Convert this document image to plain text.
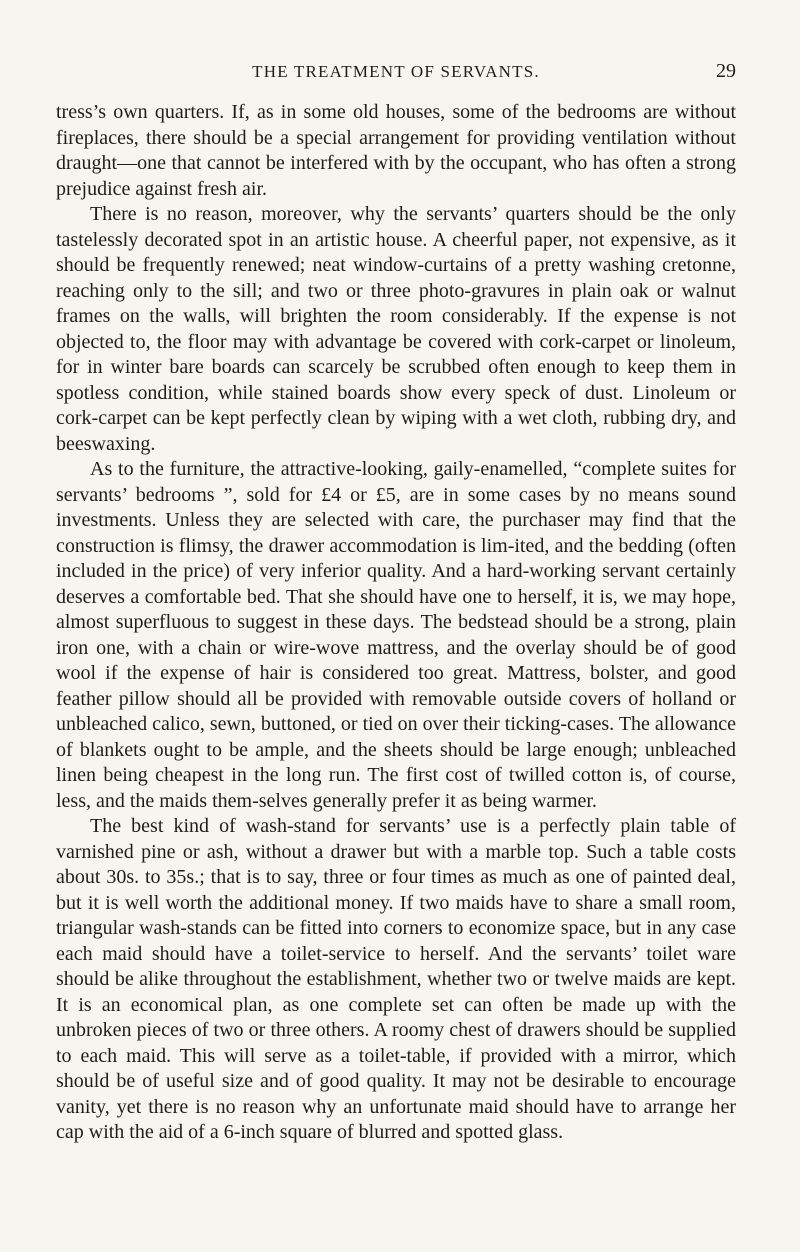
THE TREATMENT OF SERVANTS.	29

tress’s own quarters. If, as in some old houses, some of the bedrooms are without fireplaces, there should be a special arrangement for providing ventilation without draught—one that cannot be interfered with by the occupant, who has often a strong prejudice against fresh air.

There is no reason, moreover, why the servants’ quarters should be the only tastelessly decorated spot in an artistic house. A cheerful paper, not expensive, as it should be frequently renewed; neat window-curtains of a pretty washing cretonne, reaching only to the sill; and two or three photo-gravures in plain oak or walnut frames on the walls, will brighten the room considerably. If the expense is not objected to, the floor may with advantage be covered with cork-carpet or linoleum, for in winter bare boards can scarcely be scrubbed often enough to keep them in spotless condition, while stained boards show every speck of dust. Linoleum or cork-carpet can be kept perfectly clean by wiping with a wet cloth, rubbing dry, and beeswaxing.

As to the furniture, the attractive-looking, gaily-enamelled, “complete suites for servants’ bedrooms ”, sold for £4 or £5, are in some cases by no means sound investments. Unless they are selected with care, the purchaser may find that the construction is flimsy, the drawer accommodation is lim-ited, and the bedding (often included in the price) of very inferior quality. And a hard-working servant certainly deserves a comfortable bed. That she should have one to herself, it is, we may hope, almost superfluous to suggest in these days. The bedstead should be a strong, plain iron one, with a chain or wire-wove mattress, and the overlay should be of good wool if the expense of hair is considered too great. Mattress, bolster, and good feather pillow should all be provided with removable outside covers of holland or unbleached calico, sewn, buttoned, or tied on over their ticking-cases. The allowance of blankets ought to be ample, and the sheets should be large enough; unbleached linen being cheapest in the long run. The first cost of twilled cotton is, of course, less, and the maids them-selves generally prefer it as being warmer.

The best kind of wash-stand for servants’ use is a perfectly plain table of varnished pine or ash, without a drawer but with a marble top. Such a table costs about 30s. to 35s.; that is to say, three or four times as much as one of painted deal, but it is well worth the additional money. If two maids have to share a small room, triangular wash-stands can be fitted into corners to economize space, but in any case each maid should have a toilet-service to herself. And the servants’ toilet ware should be alike throughout the establishment, whether two or twelve maids are kept. It is an economical plan, as one complete set can often be made up with the unbroken pieces of two or three others. A roomy chest of drawers should be supplied to each maid. This will serve as a toilet-table, if provided with a mirror, which should be of useful size and of good quality. It may not be desirable to encourage vanity, yet there is no reason why an unfortunate maid should have to arrange her cap with the aid of a 6-inch square of blurred and spotted glass.
